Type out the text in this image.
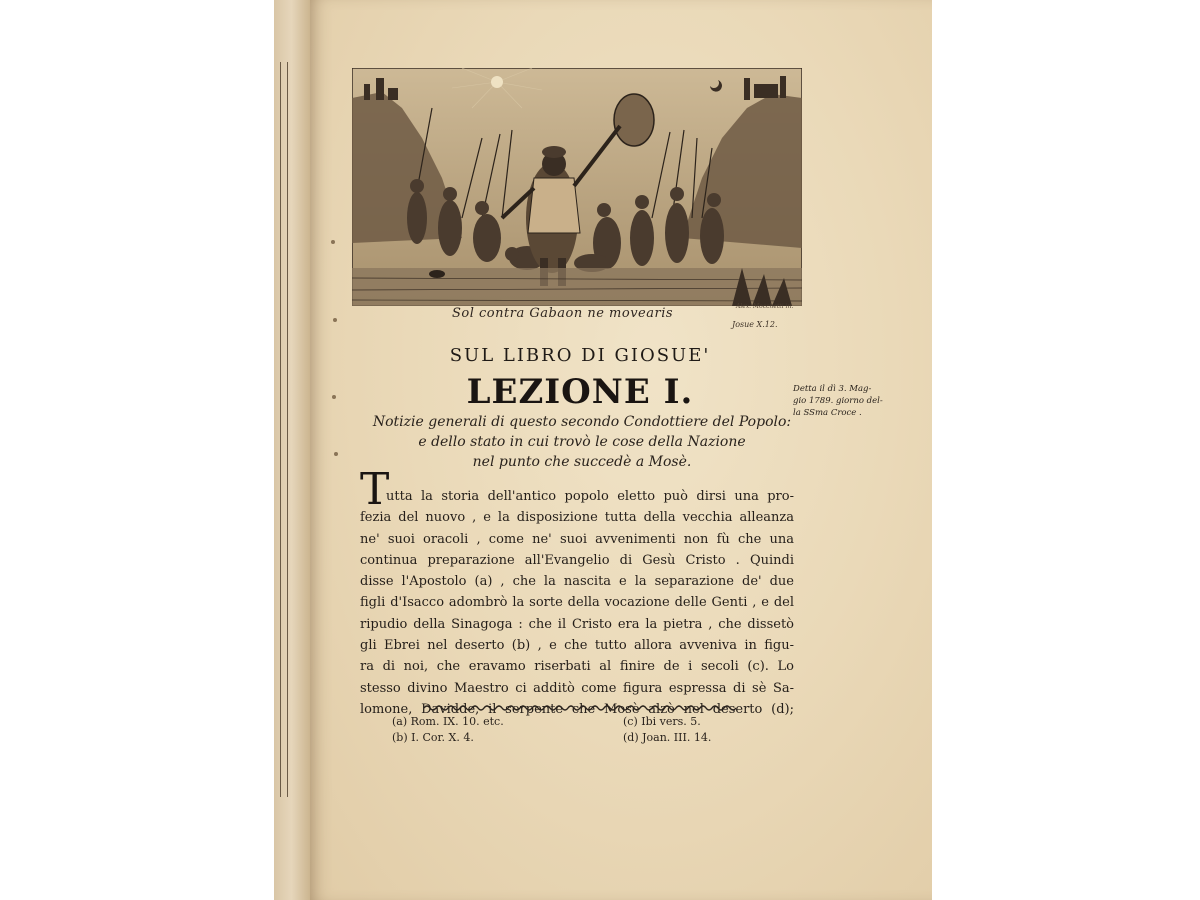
Alex. Mocchetti in.
Sol contra Gabaon ne movearis
Josue X.12.
SUL LIBRO DI GIOSUE'
LEZIONE I.
Notizie generali di questo secondo Condottiere del Popolo:
e dello stato in cui trovò le cose della Nazione
nel punto che succedè a Mosè.
Detta il dì 3. Mag-
gio 1789. giorno del-
la SSma Croce .
T
utta la storia dell'antico popolo eletto può dirsi una pro-
fezia del nuovo , e la disposizione tutta della vecchia alleanza
ne' suoi oracoli , come ne' suoi avvenimenti non fù che una
continua preparazione all'Evangelio di Gesù Cristo . Quindi
disse l'Apostolo (a) , che la nascita e la separazione de' due
figli d'Isacco adombrò la sorte della vocazione delle Genti , e del
ripudio della Sinagoga : che il Cristo era la pietra , che dissetò
gli Ebrei nel deserto (b) , e che tutto allora avveniva in figu-
ra di noi, che eravamo riserbati al finire de i secoli (c). Lo
stesso divino Maestro ci additò come figura espressa di sè Sa-
lomone, Davidde, il serpente che Mosè alzò nel deserto (d);
(a) Rom. IX. 10. etc.
(b) I. Cor. X. 4.
(c) Ibi vers. 5.
(d) Joan. III. 14.
